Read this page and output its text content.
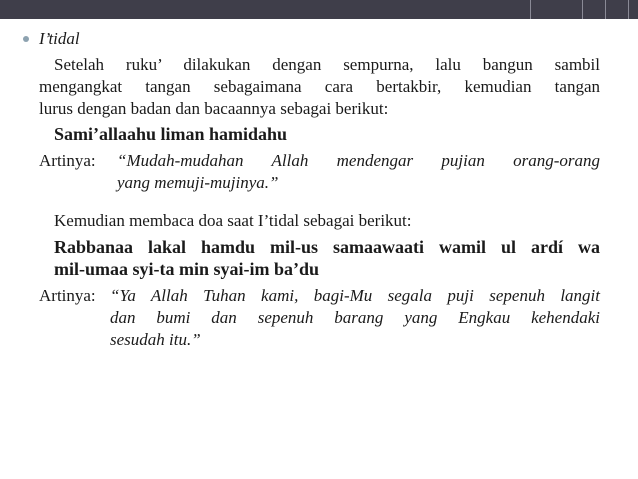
I’tidal
Setelah ruku’ dilakukan dengan sempurna, lalu bangun sambil
mengangkat tangan sebagaimana cara bertakbir, kemudian tangan
lurus dengan badan dan bacaannya sebagai berikut:
Sami’allaahu liman hamidahu
Artinya: “Mudah-mudahan Allah mendengar pujian orang-orang
yang memuji-mujinya.”
Kemudian membaca doa saat I’tidal sebagai berikut:
Rabbanaa lakal hamdu mil-us samaawaati wamil ul ardí wa
mil-umaa syi-ta min syai-im ba’du
Artinya: “Ya Allah Tuhan kami, bagi-Mu segala puji sepenuh langit
dan bumi dan sepenuh barang yang Engkau kehendaki
sesudah itu.”
